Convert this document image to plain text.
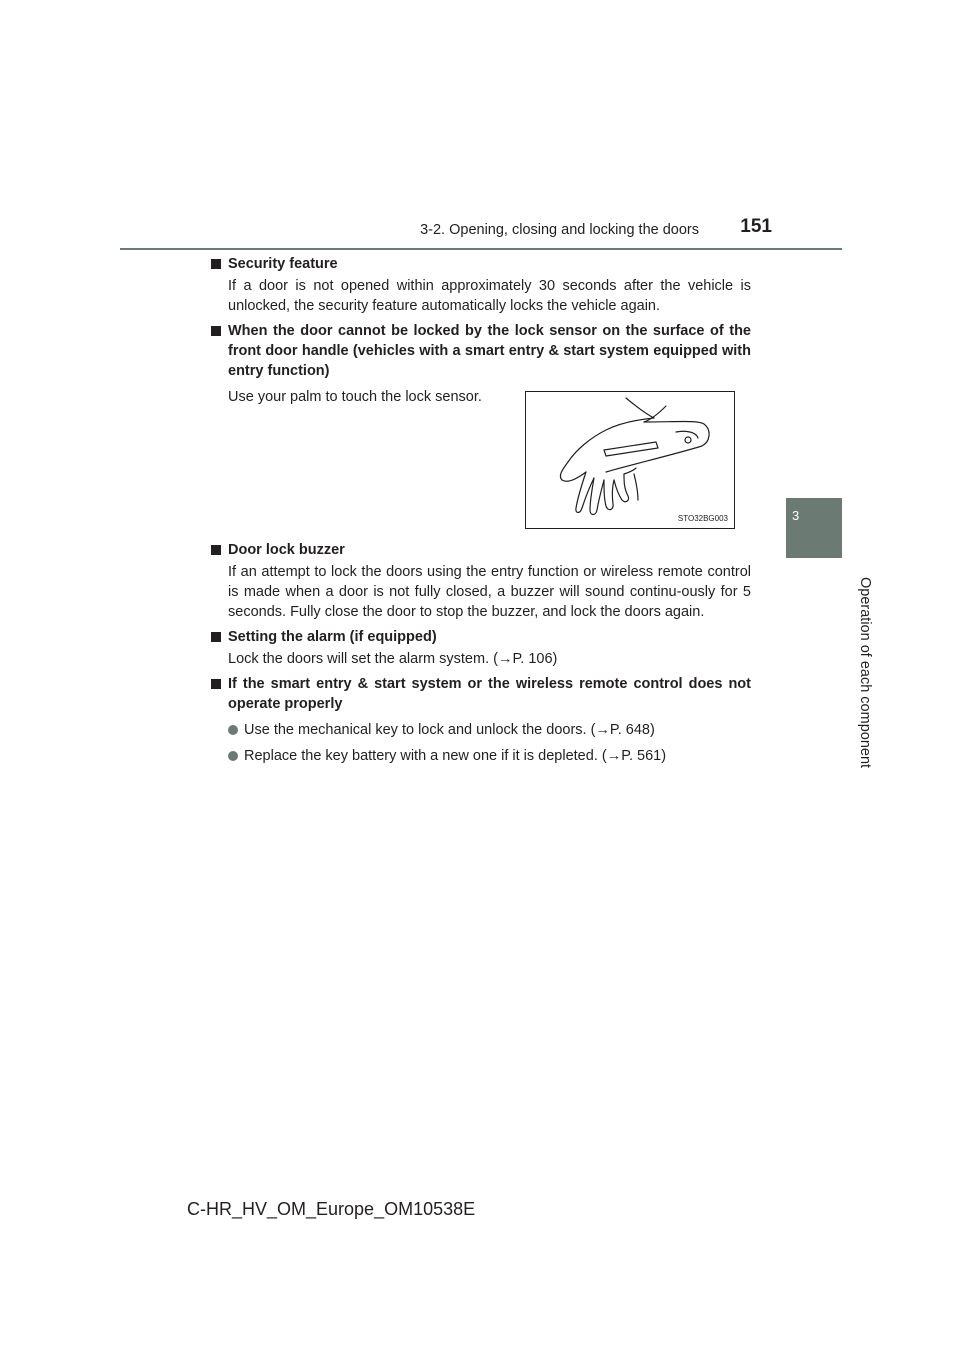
3-2. Opening, closing and locking the doors 151
3
Operation of each component
Security feature
If a door is not opened within approximately 30 seconds after the vehicle is unlocked, the security feature automatically locks the vehicle again.
When the door cannot be locked by the lock sensor on the surface of the front door handle (vehicles with a smart entry & start system equipped with entry function)
Use your palm to touch the lock sensor.
STO32BG003
Door lock buzzer
If an attempt to lock the doors using the entry function or wireless remote control is made when a door is not fully closed, a buzzer will sound continu-ously for 5 seconds. Fully close the door to stop the buzzer, and lock the doors again.
Setting the alarm (if equipped)
Lock the doors will set the alarm system. (→P. 106)
If the smart entry & start system or the wireless remote control does not operate properly
Use the mechanical key to lock and unlock the doors. (→P. 648)
Replace the key battery with a new one if it is depleted. (→P. 561)
C-HR_HV_OM_Europe_OM10538E
